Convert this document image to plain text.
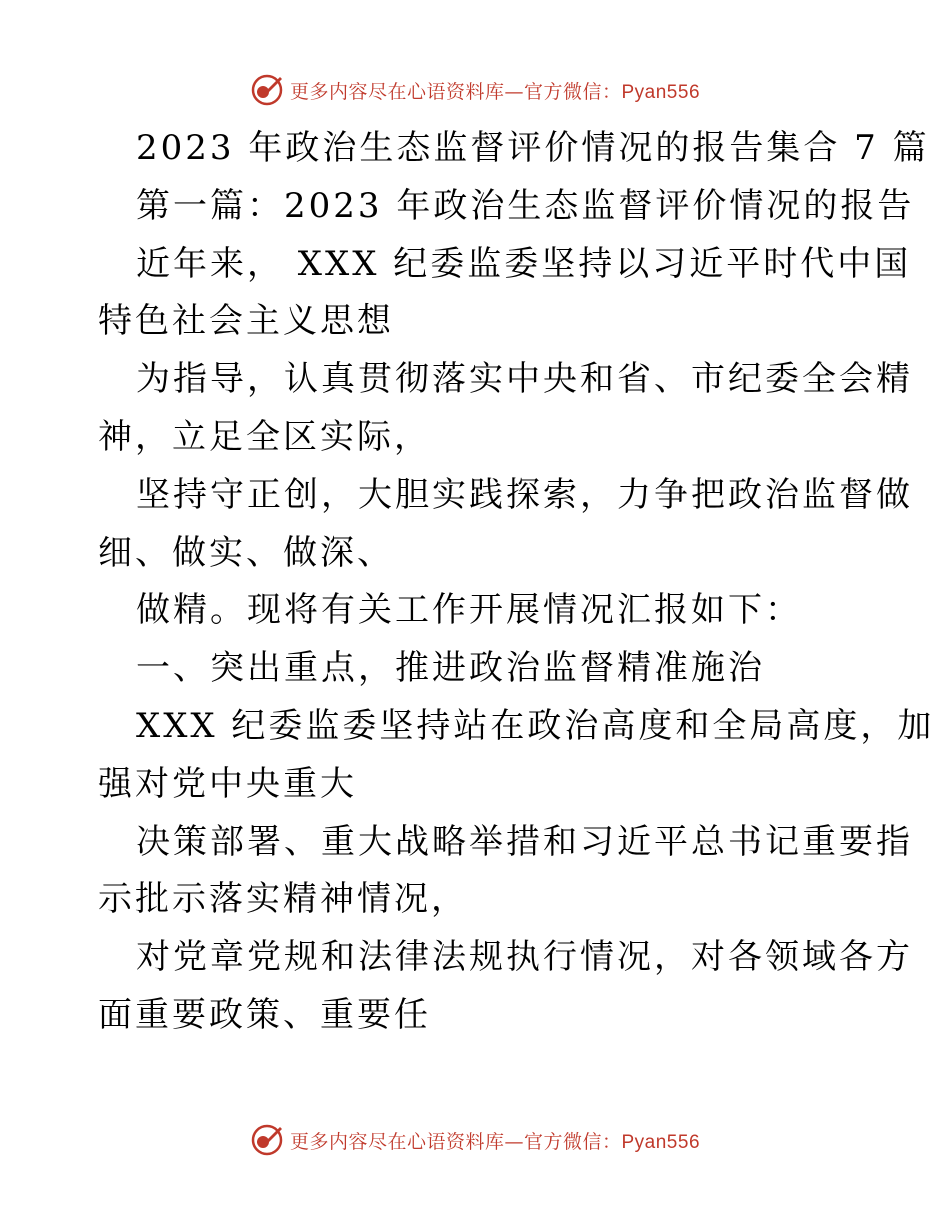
更多内容尽在心语资料库—官方微信：Pyan556
2023 年政治生态监督评价情况的报告集合 7 篇
第一篇：2023 年政治生态监督评价情况的报告
近年来， XXX 纪委监委坚持以习近平时代中国
特色社会主义思想
为指导，认真贯彻落实中央和省、市纪委全会精
神，立足全区实际，
坚持守正创，大胆实践探索，力争把政治监督做
细、做实、做深、
做精。现将有关工作开展情况汇报如下：
一、突出重点，推进政治监督精准施治
XXX 纪委监委坚持站在政治高度和全局高度，加
强对党中央重大
决策部署、重大战略举措和习近平总书记重要指
示批示落实精神情况，
对党章党规和法律法规执行情况，对各领域各方
面重要政策、重要任
更多内容尽在心语资料库—官方微信：Pyan556
